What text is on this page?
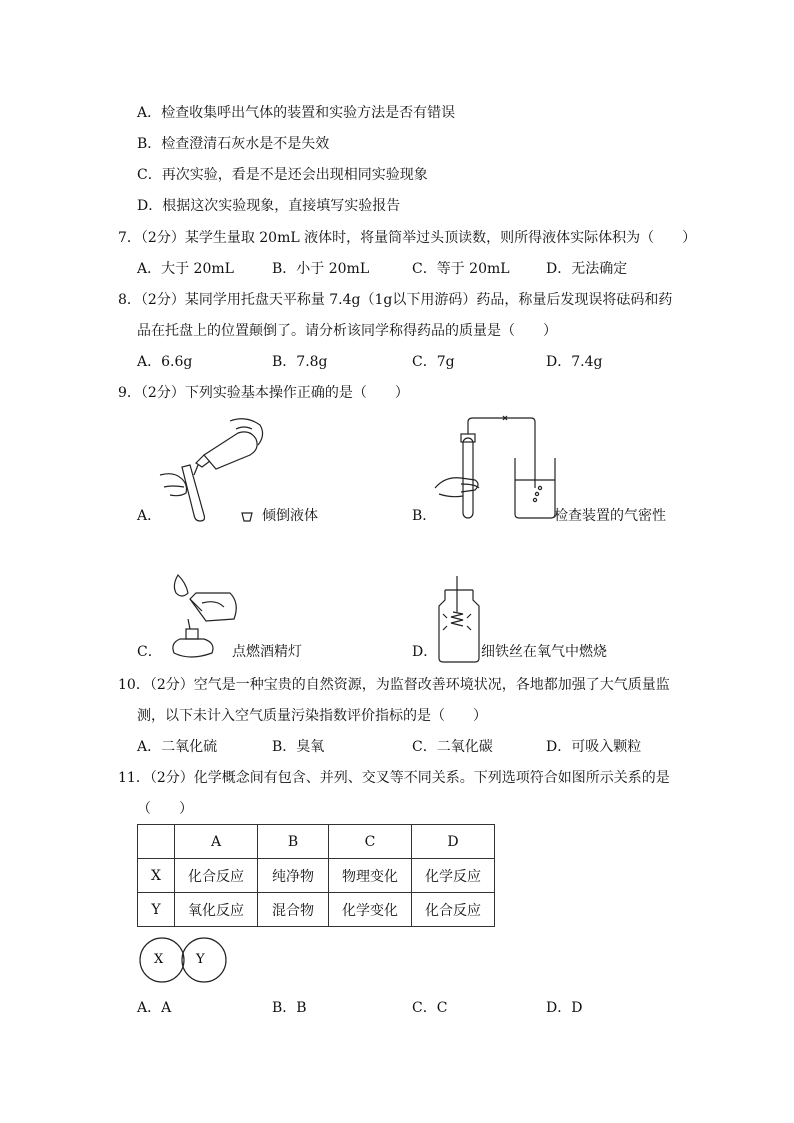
A．检查收集呼出气体的装置和实验方法是否有错误
B．检查澄清石灰水是不是失效
C．再次实验，看是不是还会出现相同实验现象
D．根据这次实验现象，直接填写实验报告
7．（2分）某学生量取 20mL 液体时，将量筒举过头顶读数，则所得液体实际体积为（　　）
A．大于 20mL	B．小于 20mL	C．等于 20mL	D．无法确定
8．（2分）某同学用托盘天平称量 7.4g（1g以下用游码）药品，称量后发现误将砝码和药
品在托盘上的位置颠倒了。请分析该同学称得药品的质量是（　　）
A．6.6g	B．7.8g	C．7g	D．7.4g
9．（2分）下列实验基本操作正确的是（　　）
A．	倾倒液体	B．	检查装置的气密性
C．	点燃酒精灯	D．	细铁丝在氧气中燃烧
10．（2分）空气是一种宝贵的自然资源，为监督改善环境状况，各地都加强了大气质量监
测，以下未计入空气质量污染指数评价指标的是（　　）
A．二氧化硫	B．臭氧	C．二氧化碳	D．可吸入颗粒
11．（2分）化学概念间有包含、并列、交叉等不同关系。下列选项符合如图所示关系的是
（　　）
	A	B	C	D
X	化合反应	纯净物	物理变化	化学反应
Y	氧化反应	混合物	化学变化	化合反应
X	Y
A．A	B．B	C．C	D．D
